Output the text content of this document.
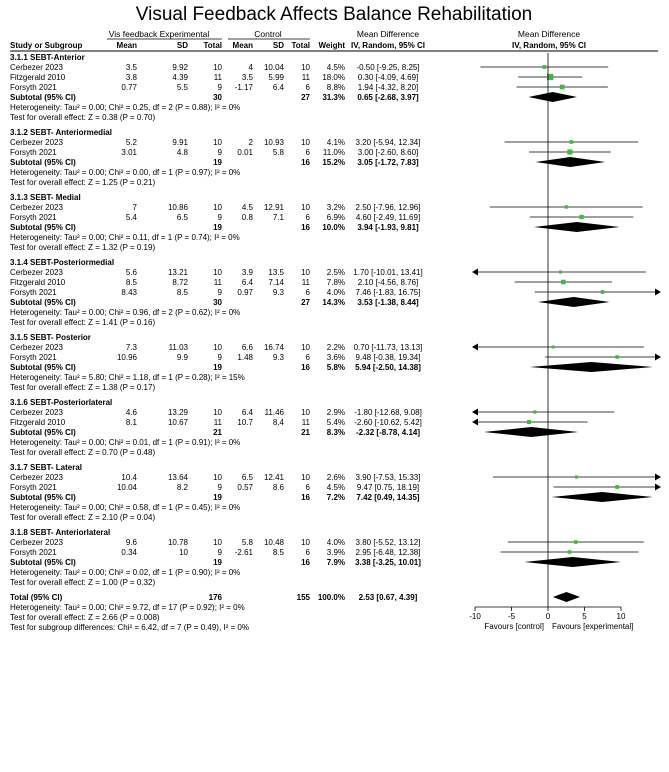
Visual Feedback Affects Balance Rehabilitation
Vis feedback Experimental	Control	Mean Difference	Mean Difference
Study or Subgroup	Mean	SD Total Mean SD Total Weight IV, Random, 95% CI	IV, Random, 95% CI
3.1.1 SEBT-Anterior
Cerbezer 2023	3.5	9.92	10	4 10.04 10 4.5% -0.50 [-9.25, 8.25]
Fitzgerald 2010	3.8	4.39	11 3.5 5.99 11 18.0% 0.30 [-4.09, 4.69]
Forsyth 2021	0.77	5.5	9 -1.17 6.4	6 8.8% 1.94 [-4.32, 8.20]
Subtotal (95% CI)	30	27 31.3% 0.65 [-2.68, 3.97]
Heterogeneity: Tau² = 0.00; Chi² = 0.25, df = 2 (P = 0.88); I² = 0%
Test for overall effect: Z = 0.38 (P = 0.70)
3.1.2 SEBT- Anteriormedial
Cerbezer 2023	5.2	9.91	10	2 10.93 10 4.1% 3.20 [-5.94, 12.34]
Forsyth 2021	3.01	4.8	9 0.01 5.8	6 11.0% 3.00 [-2.60, 8.60]
Subtotal (95% CI)	19	16 15.2% 3.05 [-1.72, 7.83]
Heterogeneity: Tau² = 0.00; Chi² = 0.00, df = 1 (P = 0.97); I² = 0%
Test for overall effect: Z = 1.25 (P = 0.21)
3.1.3 SEBT- Medial
Cerbezer 2023	7	10.86	10 4.5 12.91 10 3.2% 2.50 [-7.96, 12.96]
Forsyth 2021	5.4	6.5	9 0.8 7.1	6 6.9% 4.60 [-2.49, 11.69]
Subtotal (95% CI)	19	16 10.0% 3.94 [-1.93, 9.81]
Heterogeneity: Tau² = 0.00; Chi² = 0.11, df = 1 (P = 0.74); I² = 0%
Test for overall effect: Z = 1.32 (P = 0.19)
3.1.4 SEBT-Posteriormedial
Cerbezer 2023	5.6	13.21	10 3.9 13.5 10 2.5% 1.70 [-10.01, 13.41]
Fitzgerald 2010	8.5	8.72	11 6.4 7.14 11 7.8% 2.10 [-4.56, 8.76]
Forsyth 2021	8.43	8.5	9 0.97 9.3	6 4.0% 7.46 [-1.83, 16.75]
Subtotal (95% CI)	30	27 14.3% 3.53 [-1.38, 8.44]
Heterogeneity: Tau² = 0.00; Chi² = 0.96, df = 2 (P = 0.62); I² = 0%
Test for overall effect: Z = 1.41 (P = 0.16)
3.1.5 SEBT- Posterior
Cerbezer 2023	7.3	11.03	10 6.6 16.74 10 2.2% 0.70 [-11.73, 13.13]
Forsyth 2021	10.96	9.9	9 1.48 9.3	6 3.6% 9.48 [-0.38, 19.34]
Subtotal (95% CI)	19	16 5.8% 5.94 [-2.50, 14.38]
Heterogeneity: Tau² = 5.80; Chi² = 1.18, df = 1 (P = 0.28); I² = 15%
Test for overall effect: Z = 1.38 (P = 0.17)
3.1.6 SEBT-Posteriorlateral
Cerbezer 2023	4.6	13.29	10 6.4 11.46 10 2.9% -1.80 [-12.68, 9.08]
Fitzgerald 2010	8.1	10.67	11 10.7 8.4 11 5.4% -2.60 [-10.62, 5.42]
Subtotal (95% CI)	21	21 8.3% -2.32 [-8.78, 4.14]
Heterogeneity: Tau² = 0.00; Chi² = 0.01, df = 1 (P = 0.91); I² = 0%
Test for overall effect: Z = 0.70 (P = 0.48)
3.1.7 SEBT- Lateral
Cerbezer 2023	10.4	13.64	10 6.5 12.41 10 2.6% 3.90 [-7.53, 15.33]
Forsyth 2021	10.04	8.2	9 0.57 8.6	6 4.5% 9.47 [0.75, 18.19]
Subtotal (95% CI)	19	16 7.2% 7.42 [0.49, 14.35]
Heterogeneity: Tau² = 0.00; Chi² = 0.58, df = 1 (P = 0.45); I² = 0%
Test for overall effect: Z = 2.10 (P = 0.04)
3.1.8 SEBT- Anteriorlateral
Cerbezer 2023	9.6	10.78	10 5.8 10.48 10 4.0% 3.80 [-5.52, 13.12]
Forsyth 2021	0.34	10	9 -2.61 8.5	6 3.9% 2.95 [-6.48, 12.38]
Subtotal (95% CI)	19	16 7.9% 3.38 [-3.25, 10.01]
Heterogeneity: Tau² = 0.00; Chi² = 0.02, df = 1 (P = 0.90); I² = 0%
Test for overall effect: Z = 1.00 (P = 0.32)
Total (95% CI)	176	155 100.0% 2.53 [0.67, 4.39]
Heterogeneity: Tau² = 0.00; Chi² = 9.72, df = 17 (P = 0.92); I² = 0%
Test for overall effect: Z = 2.66 (P = 0.008)
Test for subgroup differences: Chi² = 6.42, df = 7 (P = 0.49), I² = 0%
-10	-5	0	5	10
Favours [control] Favours [experimental]
